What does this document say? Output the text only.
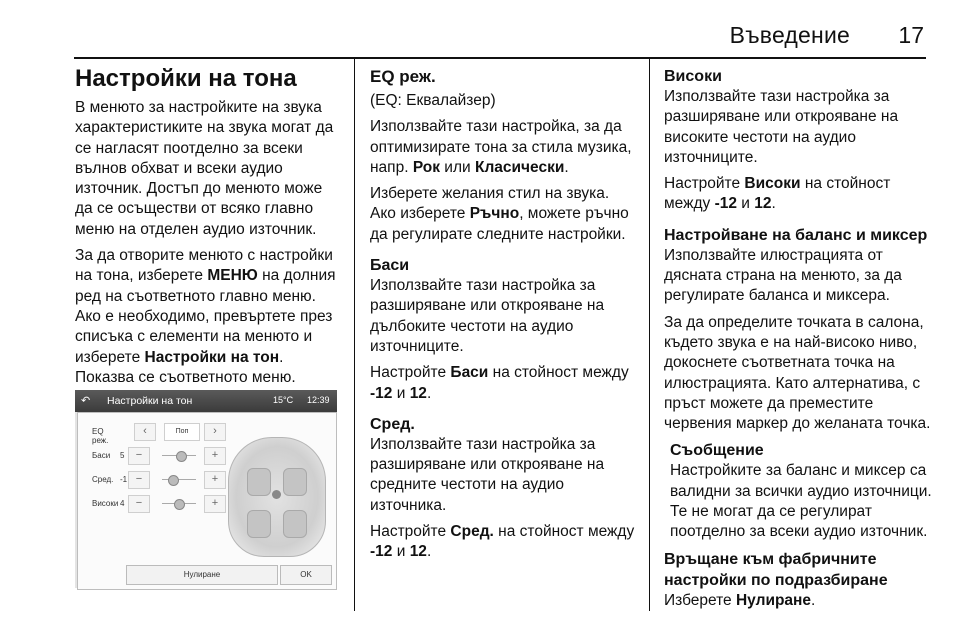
Въведение 17
Настройки на тона

В менюто за настройките на звука характеристиките на звука могат да се нагласят поотделно за всеки вълнов обхват и всеки аудио източник. Достъп до менюто може да се осъществи от всяко главно меню на отделен аудио източник.

За да отворите менюто с настройки на тона, изберете МЕНЮ на долния ред на съответното главно меню. Ако е необходимо, превъртете през списъка с елементи на менюто и изберете Настройки на тон. Показва се съответното меню.

↶ Настройки на тон	15°C 12:39
EQ реж.
‹	Поп	›
Баси 5	−	+
Сред. -1 −	+
Високи 4	−	+
Нулиране	OK
EQ реж.

(EQ: Еквалайзер)

Използвайте тази настройка, за да оптимизирате тона за стила музика, напр. Рок или Класически.

Изберете желания стил на звука. Ако изберете Ръчно, можете ръчно да регулирате следните настройки.

Баси

Използвайте тази настройка за разширяване или открояване на дълбоките честоти на аудио източниците.

Настройте Баси на стойност между -12 и 12.

Сред.

Използвайте тази настройка за разширяване или открояване на средните честоти на аудио източника.

Настройте Сред. на стойност между -12 и 12.

Високи

Използвайте тази настройка за разширяване или открояване на високите честоти на аудио източниците.

Настройте Високи на стойност между -12 и 12.

Настройване на баланс и миксер

Използвайте илюстрацията от дясната страна на менюто, за да регулирате баланса и миксера.

За да определите точката в салона, където звука е на най-високо ниво, докоснете съответната точка на илюстрацията. Като алтернатива, с пръст можете да преместите червения маркер до желаната точка.

Съобщение

Настройките за баланс и миксер са валидни за всички аудио източници. Те не могат да се регулират поотделно за всеки аудио източник.

Връщане към фабричните настройки по подразбиране

Изберете Нулиране.
